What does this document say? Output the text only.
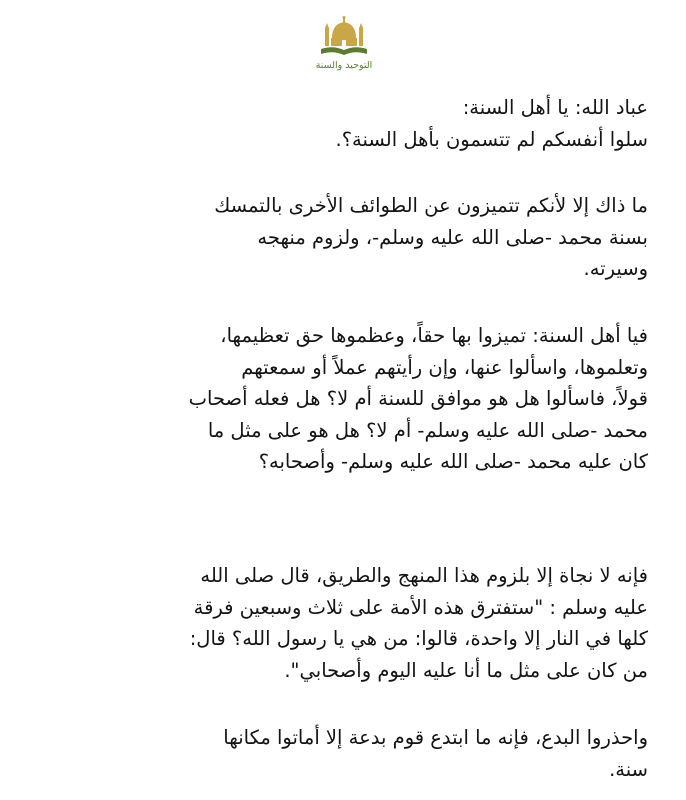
التوحيد والسنة

عباد الله: يا أهل السنة:
سلوا أنفسكم لم تتسمون بأهل السنة؟.

ما ذاك إلا لأنكم تتميزون عن الطوائف الأخرى بالتمسك
بسنة محمد -صلى الله عليه وسلم-، ولزوم منهجه
وسيرته.

فيا أهل السنة: تميزوا بها حقاً، وعظموها حق تعظيمها،
وتعلموها، واسألوا عنها، وإن رأيتهم عملاً أو سمعتهم
قولاً، فاسألوا هل هو موافق للسنة أم لا؟ هل فعله أصحاب
محمد -صلى الله عليه وسلم- أم لا؟ هل هو على مثل ما
كان عليه محمد -صلى الله عليه وسلم- وأصحابه؟

فإنه لا نجاة إلا بلزوم هذا المنهج والطريق، قال صلى الله
عليه وسلم : "ستفترق هذه الأمة على ثلاث وسبعين فرقة
كلها في النار إلا واحدة، قالوا: من هي يا رسول الله؟ قال:
من كان على مثل ما أنا عليه اليوم وأصحابي".

واحذروا البدع، فإنه ما ابتدع قوم بدعة إلا أماتوا مكانها
سنة.
